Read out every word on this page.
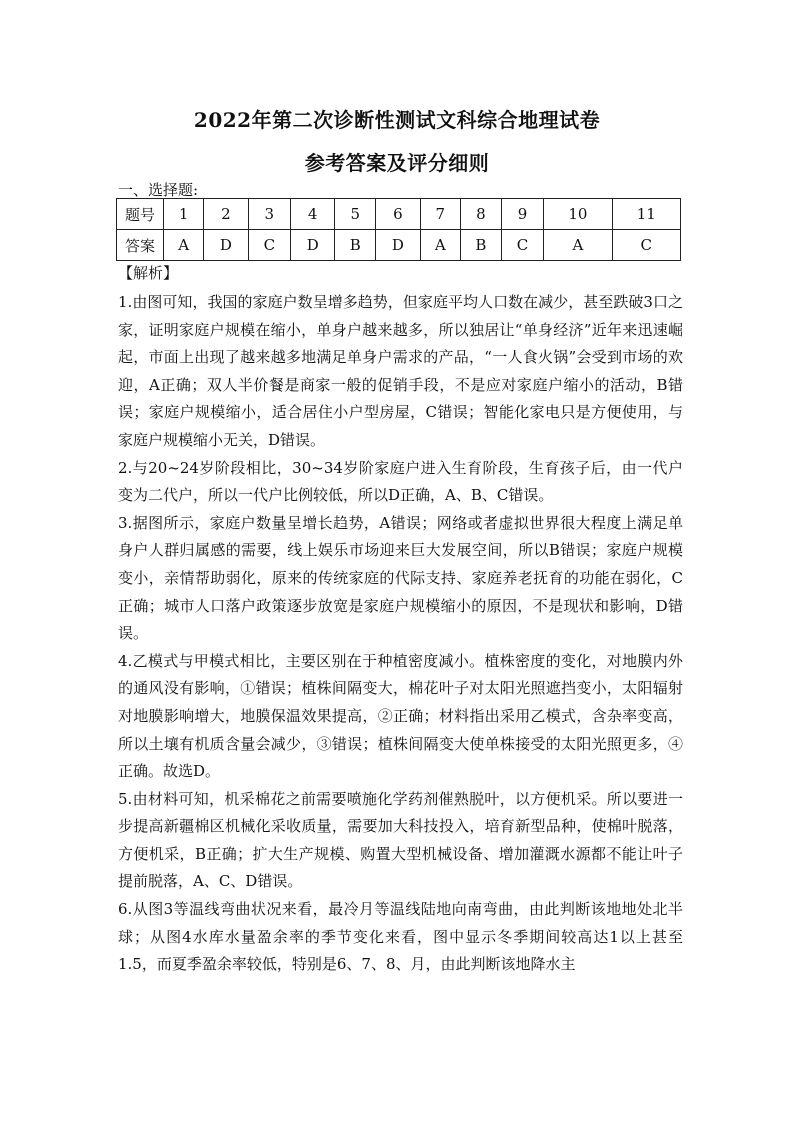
2022年第二次诊断性测试文科综合地理试卷
参考答案及评分细则
一、选择题:
题号	1	2	3	4	5	6	7	8	9	10	11
答案	A	D	C	D	B	D	A	B	C	A	C
【解析】

1.由图可知，我国的家庭户数呈增多趋势，但家庭平均人口数在减少，甚至跌破3口之家，证明家庭户规模在缩小，单身户越来越多，所以独居让“单身经济”近年来迅速崛起，市面上出现了越来越多地满足单身户需求的产品，“一人食火锅”会受到市场的欢迎，A正确；双人半价餐是商家一般的促销手段，不是应对家庭户缩小的活动，B错误；家庭户规模缩小，适合居住小户型房屋，C错误；智能化家电只是方便使用，与家庭户规模缩小无关，D错误。

2.与20~24岁阶段相比，30~34岁阶家庭户进入生育阶段，生育孩子后，由一代户变为二代户，所以一代户比例较低，所以D正确，A、B、C错误。

3.据图所示，家庭户数量呈增长趋势，A错误；网络或者虚拟世界很大程度上满足单身户人群归属感的需要，线上娱乐市场迎来巨大发展空间，所以B错误；家庭户规模变小，亲情帮助弱化，原来的传统家庭的代际支持、家庭养老抚育的功能在弱化，C正确；城市人口落户政策逐步放宽是家庭户规模缩小的原因，不是现状和影响，D错误。

4.乙模式与甲模式相比，主要区别在于种植密度减小。植株密度的变化，对地膜内外的通风没有影响，①错误；植株间隔变大，棉花叶子对太阳光照遮挡变小，太阳辐射对地膜影响增大，地膜保温效果提高，②正确；材料指出采用乙模式，含杂率变高，所以土壤有机质含量会减少，③错误；植株间隔变大使单株接受的太阳光照更多，④正确。故选D。

5.由材料可知，机采棉花之前需要喷施化学药剂催熟脱叶，以方便机采。所以要进一步提高新疆棉区机械化采收质量，需要加大科技投入，培育新型品种，使棉叶脱落，方便机采，B正确；扩大生产规模、购置大型机械设备、增加灌溉水源都不能让叶子提前脱落，A、C、D错误。

6.从图3等温线弯曲状况来看，最冷月等温线陆地向南弯曲，由此判断该地地处北半球；从图4水库水量盈余率的季节变化来看，图中显示冬季期间较高达1以上甚至1.5，而夏季盈余率较低，特别是6、7、8、月，由此判断该地降水主
